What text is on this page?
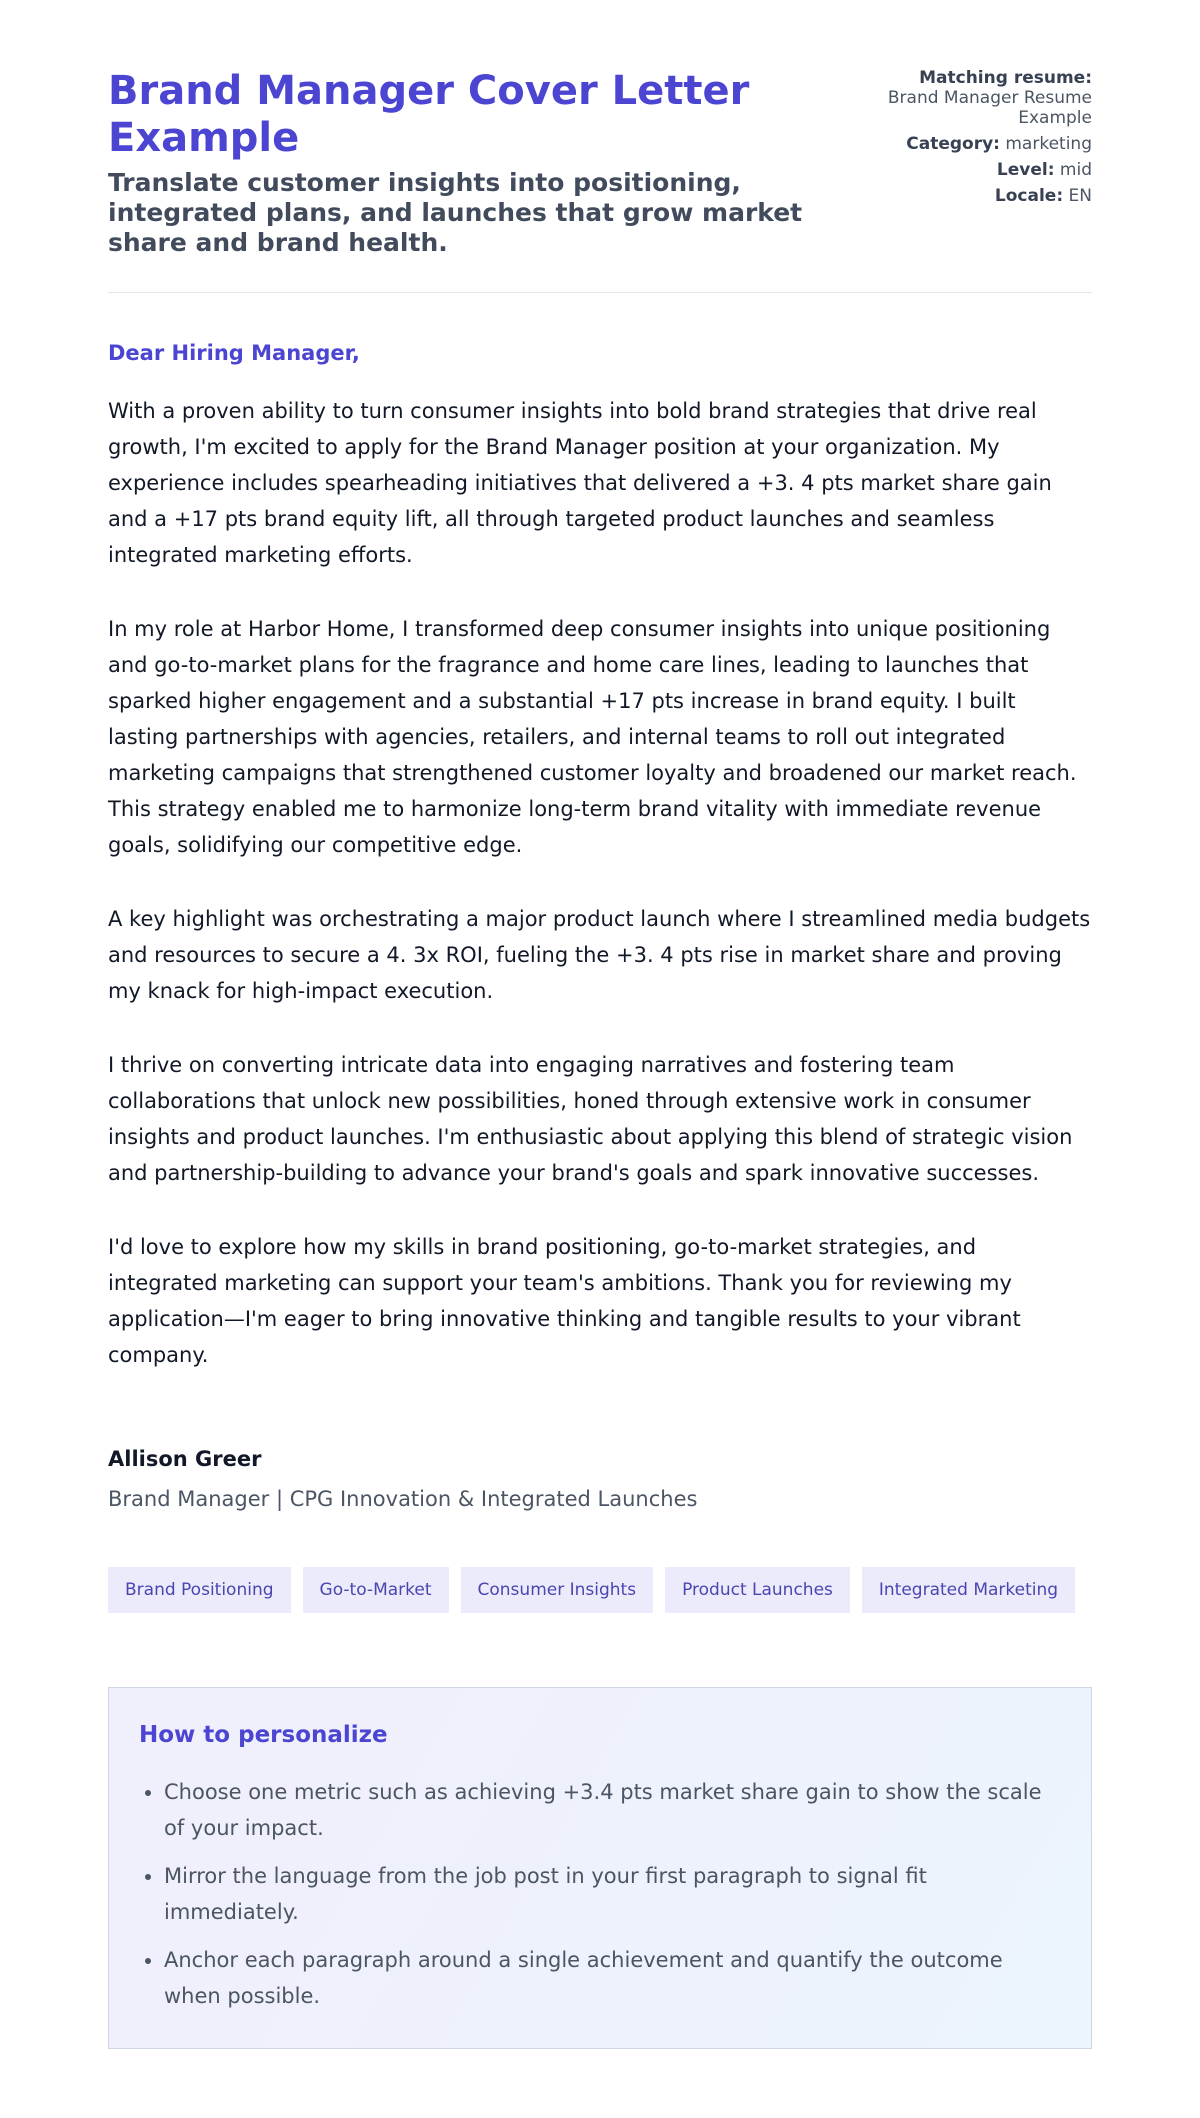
Brand Manager Cover Letter Example
Translate customer insights into positioning, integrated plans, and launches that grow market share and brand health.
Matching resume:
Brand Manager Resume Example
Category: marketing
Level: mid
Locale: EN

Dear Hiring Manager,

With a proven ability to turn consumer insights into bold brand strategies that drive real growth, I'm excited to apply for the Brand Manager position at your organization. My experience includes spearheading initiatives that delivered a +3. 4 pts market share gain and a +17 pts brand equity lift, all through targeted product launches and seamless integrated marketing efforts.

In my role at Harbor Home, I transformed deep consumer insights into unique positioning and go-to-market plans for the fragrance and home care lines, leading to launches that sparked higher engagement and a substantial +17 pts increase in brand equity. I built lasting partnerships with agencies, retailers, and internal teams to roll out integrated marketing campaigns that strengthened customer loyalty and broadened our market reach. This strategy enabled me to harmonize long-term brand vitality with immediate revenue goals, solidifying our competitive edge.

A key highlight was orchestrating a major product launch where I streamlined media budgets and resources to secure a 4. 3x ROI, fueling the +3. 4 pts rise in market share and proving my knack for high-impact execution.

I thrive on converting intricate data into engaging narratives and fostering team collaborations that unlock new possibilities, honed through extensive work in consumer insights and product launches. I'm enthusiastic about applying this blend of strategic vision and partnership-building to advance your brand's goals and spark innovative successes.

I'd love to explore how my skills in brand positioning, go-to-market strategies, and integrated marketing can support your team's ambitions. Thank you for reviewing my application—I'm eager to bring innovative thinking and tangible results to your vibrant company.

Allison Greer

Brand Manager | CPG Innovation & Integrated Launches

Brand Positioning	Go-to-Market	Consumer Insights	Product Launches	Integrated Marketing
How to personalize
• Choose one metric such as achieving +3.4 pts market share gain to show the scale of your impact.
• Mirror the language from the job post in your first paragraph to signal fit immediately.
• Anchor each paragraph around a single achievement and quantify the outcome when possible.
